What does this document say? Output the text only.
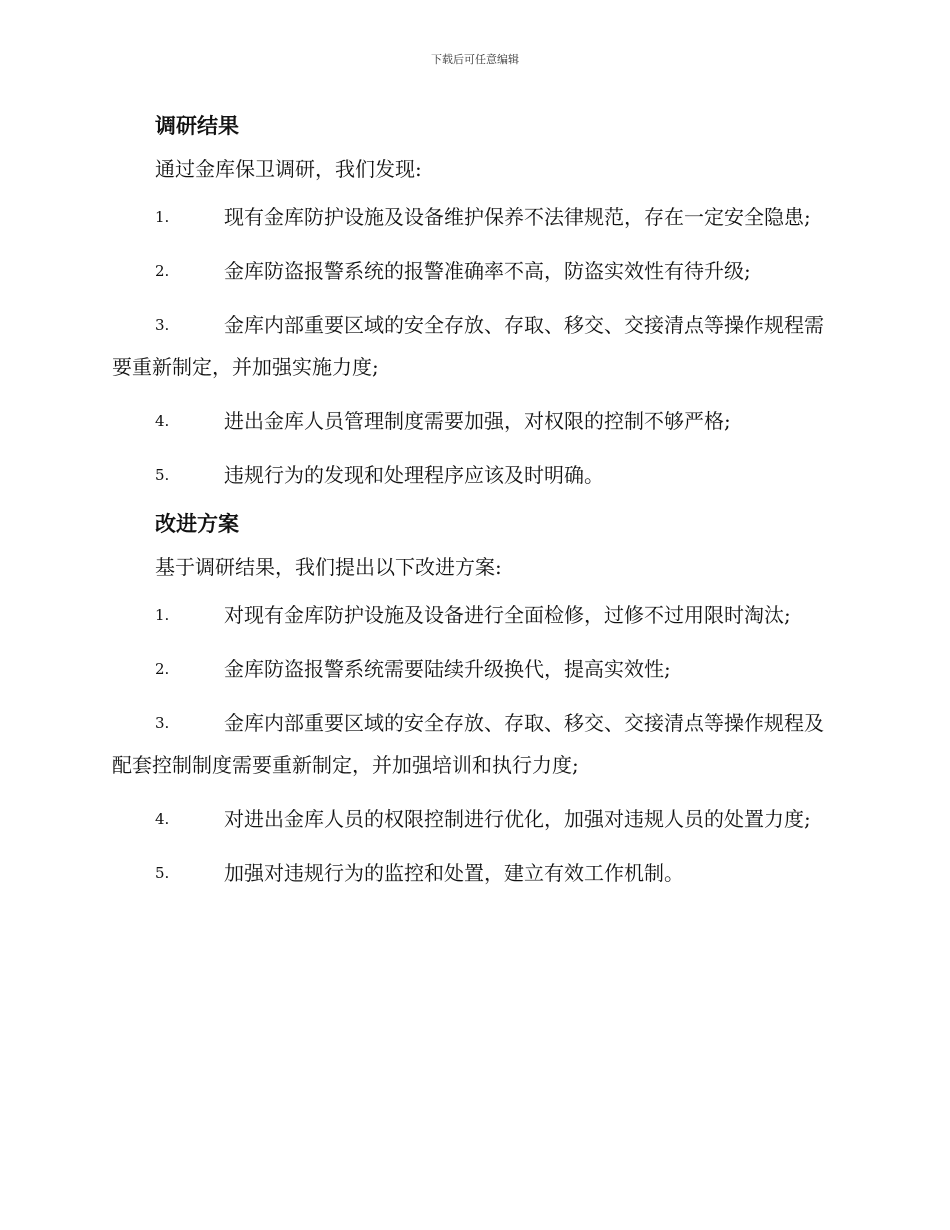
下载后可任意编辑
调研结果

通过金库保卫调研，我们发现:

1.	现有金库防护设施及设备维护保养不法律规范，存在一定安全隐患;

2.	金库防盗报警系统的报警准确率不高，防盗实效性有待升级;

3.	金库内部重要区域的安全存放、存取、移交、交接清点等操作规程需要重新制定，并加强实施力度;

4.	进出金库人员管理制度需要加强，对权限的控制不够严格;

5.	违规行为的发现和处理程序应该及时明确。

改进方案

基于调研结果，我们提出以下改进方案:

1.	对现有金库防护设施及设备进行全面检修，过修不过用限时淘汰;

2.	金库防盗报警系统需要陆续升级换代，提高实效性;

3.	金库内部重要区域的安全存放、存取、移交、交接清点等操作规程及配套控制制度需要重新制定，并加强培训和执行力度;

4.	对进出金库人员的权限控制进行优化，加强对违规人员的处置力度;

5.	加强对违规行为的监控和处置，建立有效工作机制。
